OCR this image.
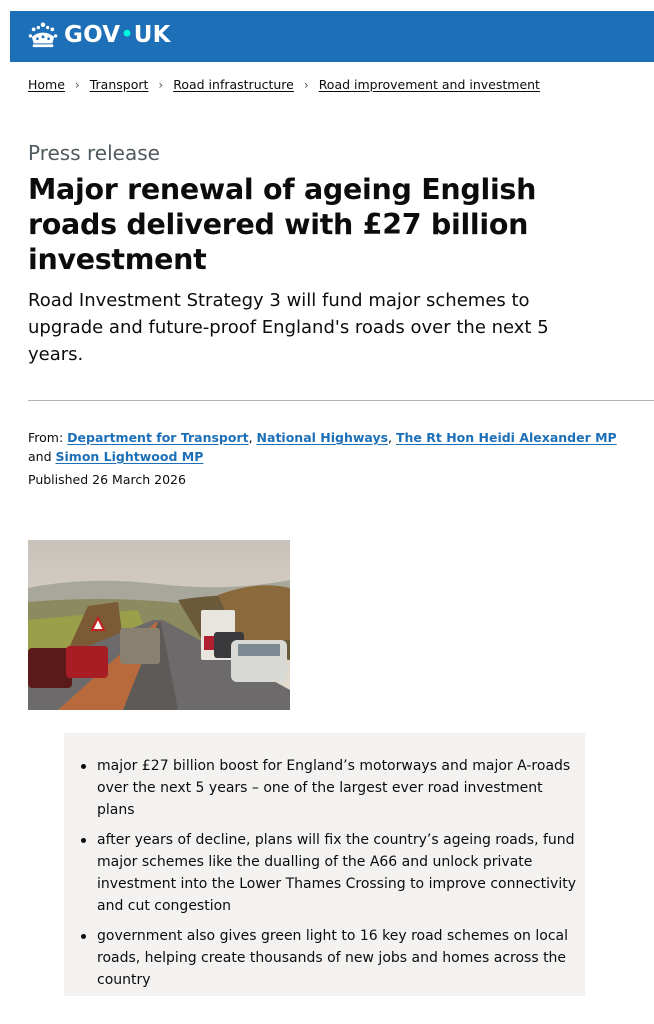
GOV • UK
Home › Transport › Road infrastructure › Road improvement and investment
Press release
Major renewal of ageing English roads delivered with £27 billion investment

Road Investment Strategy 3 will fund major schemes to upgrade and future-proof England's roads over the next 5 years.

From: Department for Transport, National Highways, The Rt Hon Heidi Alexander MP
and Simon Lightwood MP
Published 26 March 2026
major £27 billion boost for England’s motorways and major A-roads over the next 5 years – one of the largest ever road investment plans
after years of decline, plans will fix the country’s ageing roads, fund major schemes like the dualling of the A66 and unlock private investment into the Lower Thames Crossing to improve connectivity and cut congestion
government also gives green light to 16 key road schemes on local roads, helping create thousands of new jobs and homes across the country
